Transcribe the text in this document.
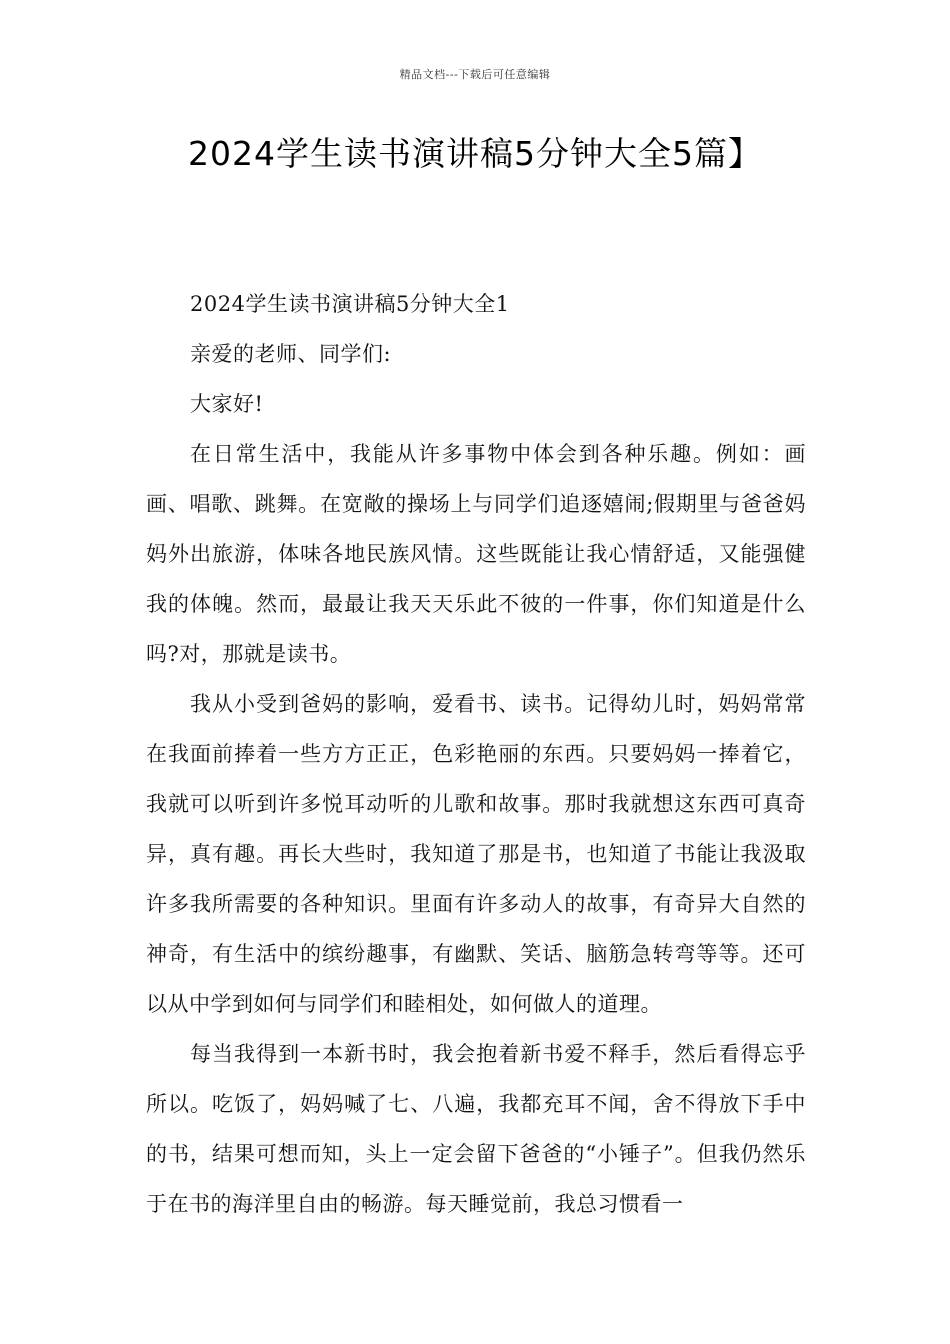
精品文档---下载后可任意编辑
2024学生读书演讲稿5分钟大全5篇】

2024学生读书演讲稿5分钟大全1

亲爱的老师、同学们:

大家好!

在日常生活中，我能从许多事物中体会到各种乐趣。例如：画画、唱歌、跳舞。在宽敞的操场上与同学们追逐嬉闹;假期里与爸爸妈妈外出旅游，体味各地民族风情。这些既能让我心情舒适，又能强健我的体魄。然而，最最让我天天乐此不彼的一件事，你们知道是什么吗?对，那就是读书。

我从小受到爸妈的影响，爱看书、读书。记得幼儿时，妈妈常常在我面前捧着一些方方正正，色彩艳丽的东西。只要妈妈一捧着它，我就可以听到许多悦耳动听的儿歌和故事。那时我就想这东西可真奇异，真有趣。再长大些时，我知道了那是书，也知道了书能让我汲取许多我所需要的各种知识。里面有许多动人的故事，有奇异大自然的神奇，有生活中的缤纷趣事，有幽默、笑话、脑筋急转弯等等。还可以从中学到如何与同学们和睦相处，如何做人的道理。

每当我得到一本新书时，我会抱着新书爱不释手，然后看得忘乎所以。吃饭了，妈妈喊了七、八遍，我都充耳不闻，舍不得放下手中的书，结果可想而知，头上一定会留下爸爸的“小锤子”。但我仍然乐于在书的海洋里自由的畅游。每天睡觉前，我总习惯看一
